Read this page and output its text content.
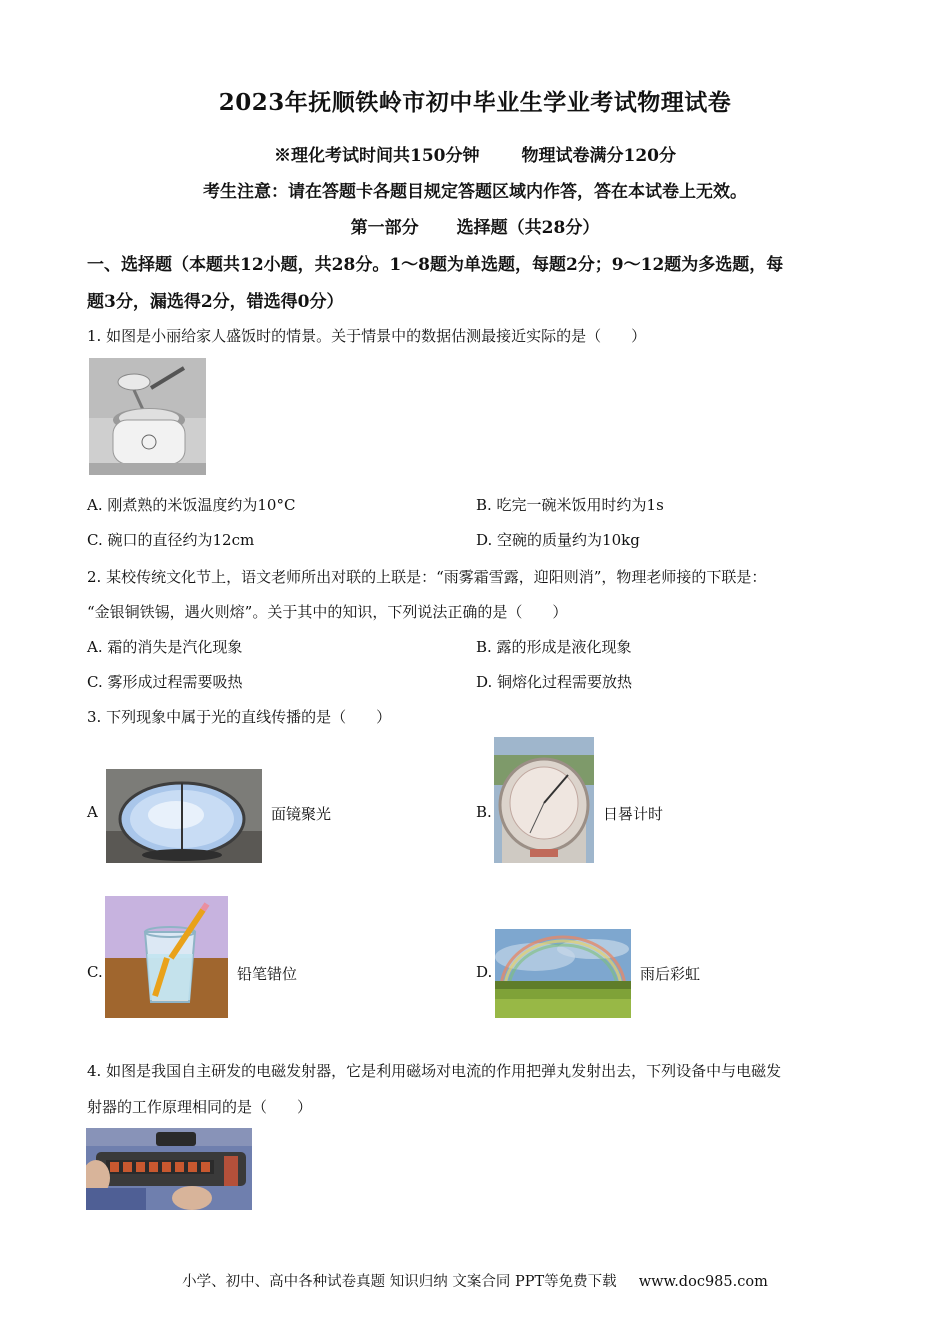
2023年抚顺铁岭市初中毕业生学业考试物理试卷
※理化考试时间共150分钟 物理试卷满分120分
考生注意：请在答题卡各题目规定答题区域内作答，答在本试卷上无效。
第一部分 选择题（共28分）
一、选择题（本题共12小题，共28分。1～8题为单选题，每题2分；9～12题为多选题，每
题3分，漏选得2分，错选得0分）
1. 如图是小丽给家人盛饭时的情景。关于情景中的数据估测最接近实际的是（　　）
A. 刚煮熟的米饭温度约为10°C	B. 吃完一碗米饭用时约为1s
C. 碗口的直径约为12cm	D. 空碗的质量约为10kg
2. 某校传统文化节上，语文老师所出对联的上联是：“雨雾霜雪露，迎阳则消”，物理老师接的下联是：
“金银铜铁锡，遇火则熔”。关于其中的知识，下列说法正确的是（　　）
A. 霜的消失是汽化现象	B. 露的形成是液化现象
C. 雾形成过程需要吸热	D. 铜熔化过程需要放热
3. 下列现象中属于光的直线传播的是（　　）
A	面镜聚光	B.	日晷计时
C.	铅笔错位	D.	雨后彩虹
4. 如图是我国自主研发的电磁发射器，它是利用磁场对电流的作用把弹丸发射出去，下列设备中与电磁发
射器的工作原理相同的是（　　）
小学、初中、高中各种试卷真题 知识归纳 文案合同 PPT等免费下载 www.doc985.com
